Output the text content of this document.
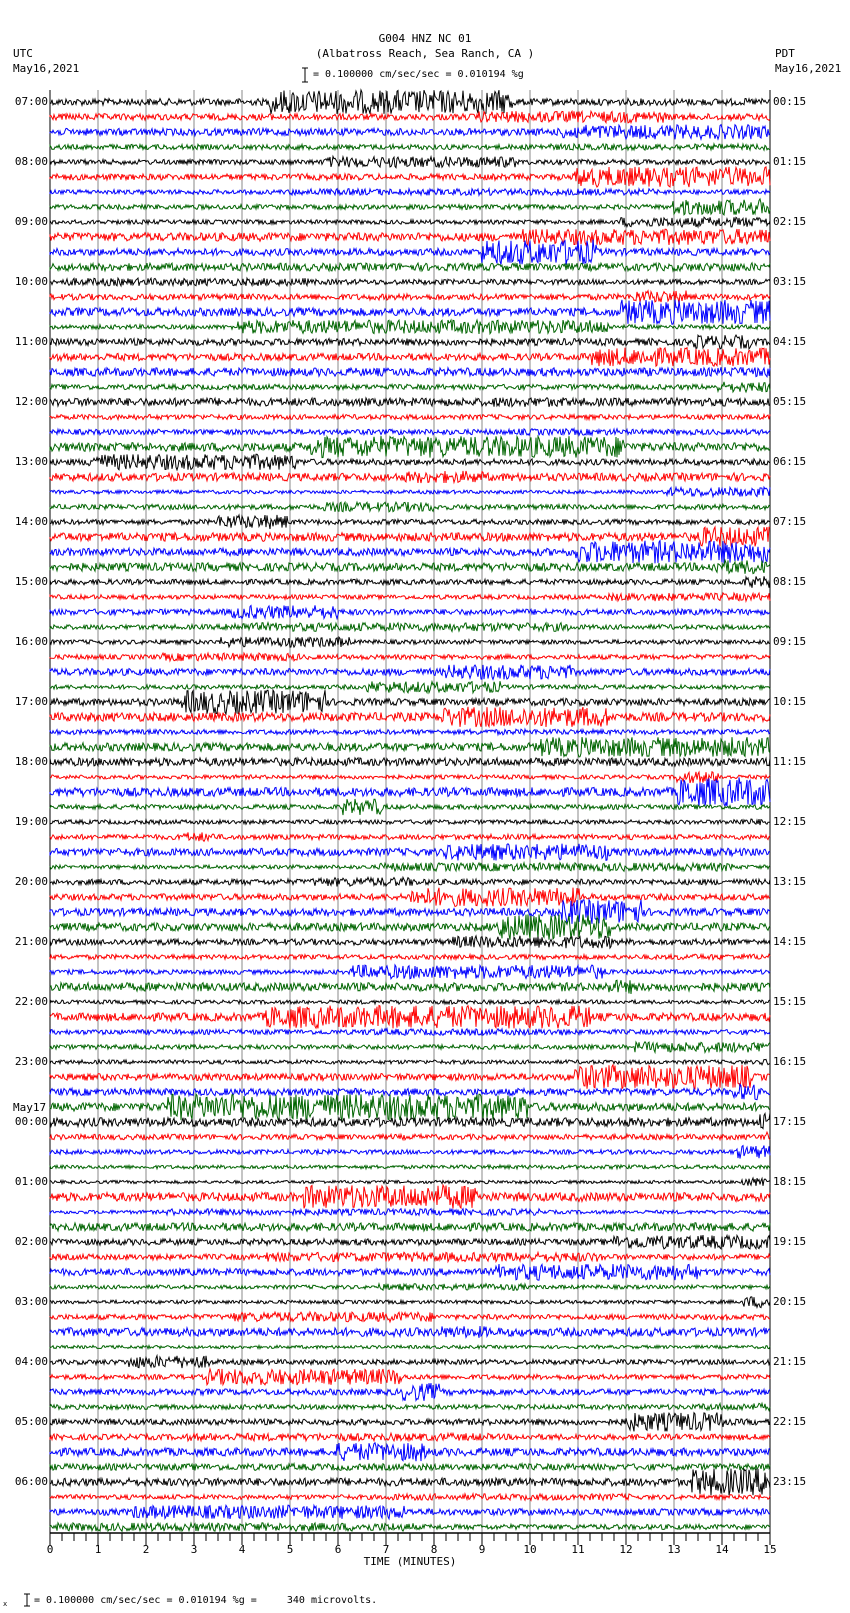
G004 HNZ NC 01
(Albatross Reach, Sea Ranch, CA )
UTC
May16,2021
PDT
May16,2021
= 0.100000 cm/sec/sec = 0.010194 %g
07:00
08:00
09:00
10:00
11:00
12:00
13:00
14:00
15:00
16:00
17:00
18:00
19:00
20:00
21:00
22:00
23:00
00:00
May17
01:00
02:00
03:00
04:00
05:00
06:00
00:15
01:15
02:15
03:15
04:15
05:15
06:15
07:15
08:15
09:15
10:15
11:15
12:15
13:15
14:15
15:15
16:15
17:15
18:15
19:15
20:15
21:15
22:15
23:15
0	1	2	3	4	5	6	7	8	9	10	11	12	13	14	15
TIME (MINUTES)
x	= 0.100000 cm/sec/sec = 0.010194 %g =     340 microvolts.
